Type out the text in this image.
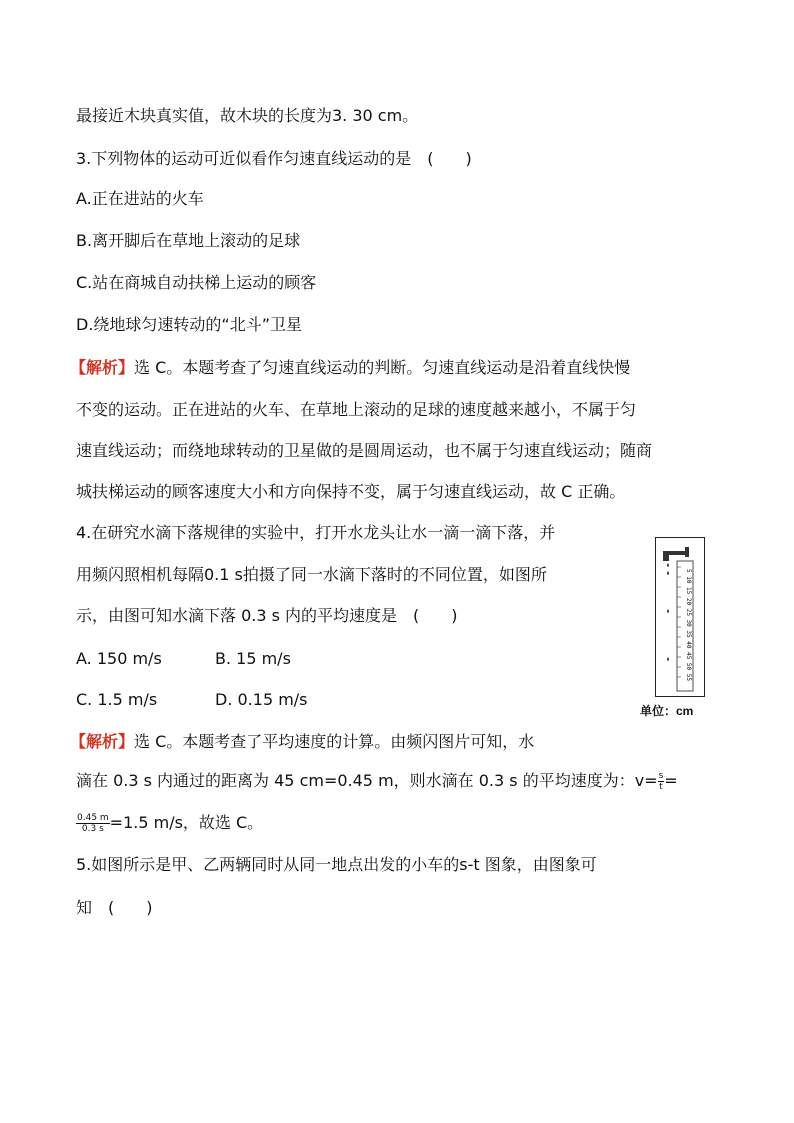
最接近木块真实值，故木块的长度为3. 30 cm。
3.下列物体的运动可近似看作匀速直线运动的是　(　　)
A.正在进站的火车
B.离开脚后在草地上滚动的足球
C.站在商城自动扶梯上运动的顾客
D.绕地球匀速转动的“北斗”卫星
【解析】选 C。本题考查了匀速直线运动的判断。匀速直线运动是沿着直线快慢
不变的运动。正在进站的火车、在草地上滚动的足球的速度越来越小，不属于匀
速直线运动；而绕地球转动的卫星做的是圆周运动，也不属于匀速直线运动；随商
城扶梯运动的顾客速度大小和方向保持不变，属于匀速直线运动，故 C 正确。
4.在研究水滴下落规律的实验中，打开水龙头让水一滴一滴下落，并
用频闪照相机每隔0.1 s拍摄了同一水滴下落时的不同位置，如图所
示，由图可知水滴下落 0.3 s 内的平均速度是　(　　)
A. 150 m/s	B. 15 m/s
C. 1.5 m/s	D. 0.15 m/s
【解析】选 C。本题考查了平均速度的计算。由频闪图片可知，水
滴在 0.3 s 内通过的距离为 45 cm=0.45 m，则水滴在 0.3 s 的平均速度为：$v= \frac{s}{t}$ =
$\frac{0.45 m}{0.3 s} =1.5$ m/s，故选 C。
5.如图所示是甲、乙两辆同时从同一地点出发的小车的s-t 图象，由图象可
知　(　　)
5 10 15 20 25 30 35 40 45 50 55
单位：cm
